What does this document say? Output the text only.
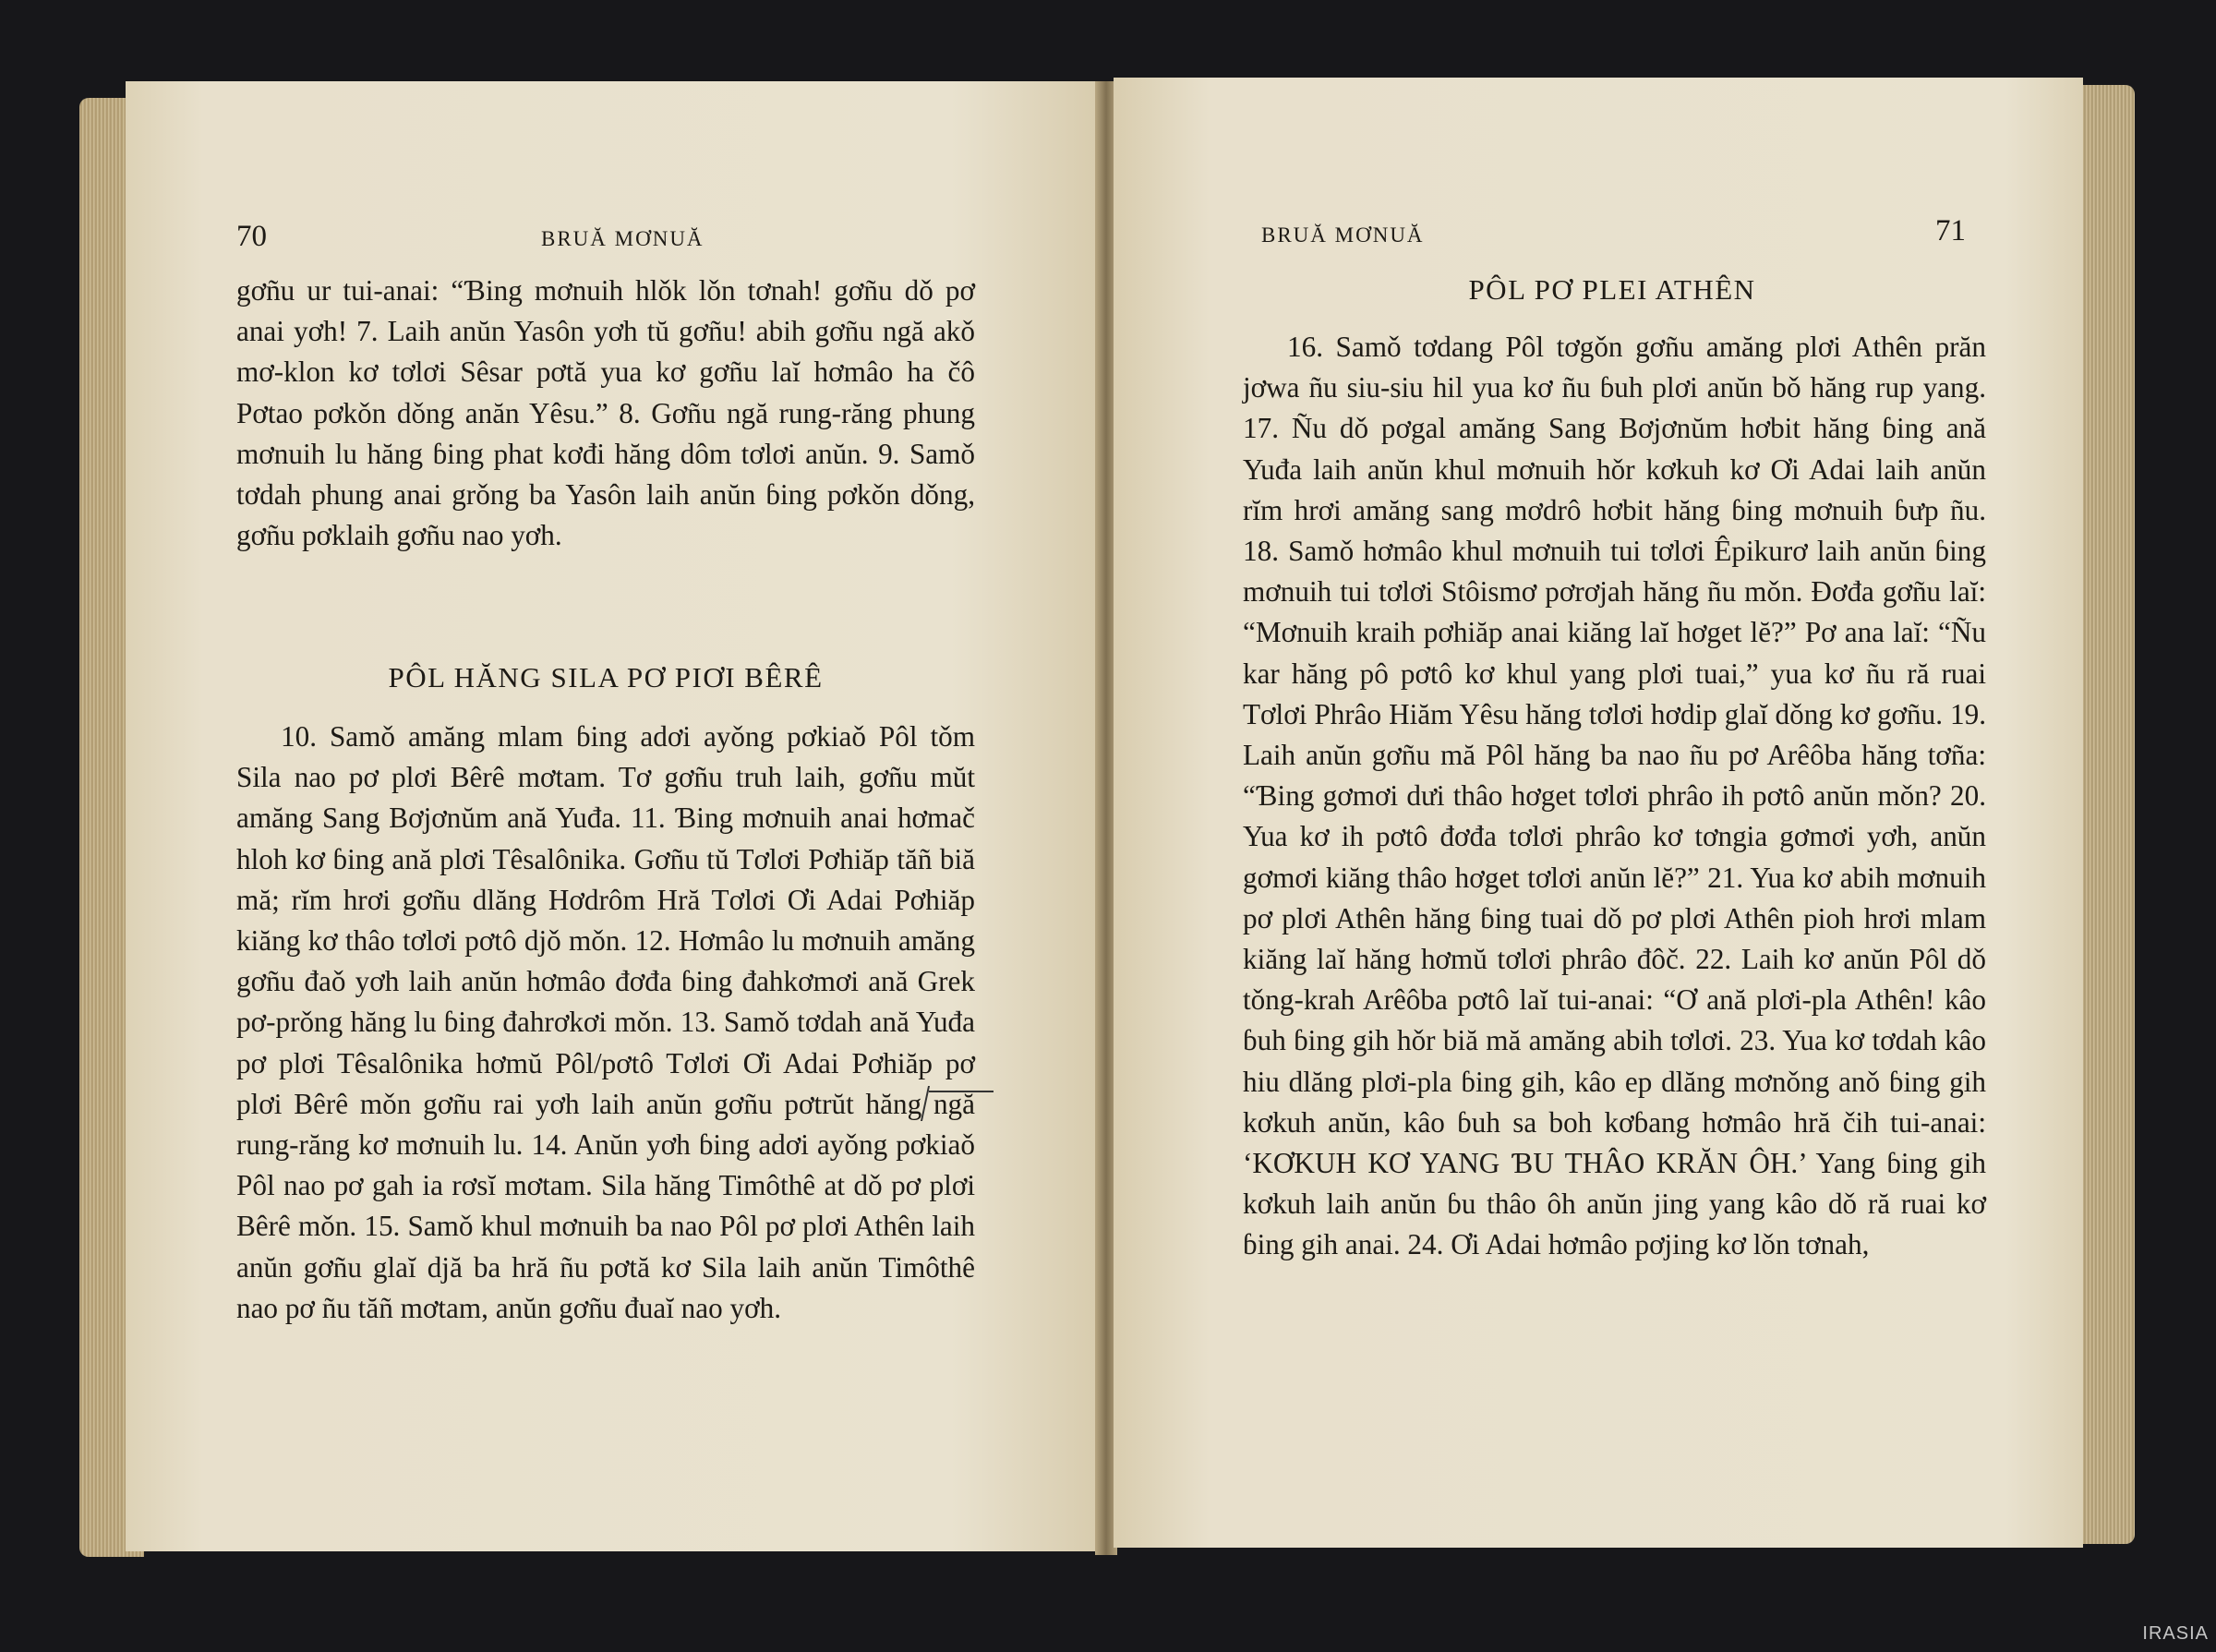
70	BRUĂ MƠNUĂ

gơñu ur tui-anai: “Ɓing mơnuih hlǒk lǒn tơnah! gơñu dǒ pơ anai yơh! 7. Laih anŭn Yasôn yơh tŭ gơñu! abih gơñu ngă akǒ mơ-klon kơ tơlơi Sêsar pơtă yua kơ gơñu laĭ hơmâo ha čô Pơtao pơkǒn dǒng anăn Yêsu.” 8. Gơñu ngă rung-răng phung mơnuih lu hăng ɓing phat kơđi hăng dôm tơlơi anŭn. 9. Samǒ tơdah phung anai grǒng ba Yasôn laih anŭn ɓing pơkǒn dǒng, gơñu pơklaih gơñu nao yơh.

PÔL HĂNG SILA PƠ PIƠI BÊRÊ

10. Samǒ amăng mlam ɓing adơi ayǒng pơkiaǒ Pôl tǒm Sila nao pơ plơi Bêrê mơtam. Tơ gơñu truh laih, gơñu mŭt amăng Sang Bơjơnŭm ană Yuđa. 11. Ɓing mơnuih anai hơmač hloh kơ ɓing ană plơi Têsalônika. Gơñu tŭ Tơlơi Pơhiăp tăñ biă mă; rĭm hrơi gơñu dlăng Hơdrôm Hră Tơlơi Ơi Adai Pơhiăp kiăng kơ thâo tơlơi pơtô djǒ mǒn. 12. Hơmâo lu mơnuih amăng gơñu đaǒ yơh laih anŭn hơmâo đơđa ɓing đahkơmơi ană Grek pơ-prǒng hăng lu ɓing đahrơkơi mǒn. 13. Samǒ tơdah ană Yuđa pơ plơi Têsalônika hơmŭ Pôl/pơtô Tơlơi Ơi Adai Pơhiăp pơ plơi Bêrê mǒn gơñu rai yơh laih anŭn gơñu pơtrŭt hăng ngă rung-răng kơ mơnuih lu. 14. Anŭn yơh ɓing adơi ayǒng pơkiaǒ Pôl nao pơ gah ia rơsĭ mơtam. Sila hăng Timôthê at dǒ pơ plơi Bêrê mǒn. 15. Samǒ khul mơnuih ba nao Pôl pơ plơi Athên laih anŭn gơñu glaĭ djă ba hră ñu pơtă kơ Sila laih anŭn Timôthê nao pơ ñu tăñ mơtam, anŭn gơñu đuaĭ nao yơh.

BRUĂ MƠNUĂ	71
PÔL PƠ PLEI ATHÊN

16. Samǒ tơdang Pôl tơgǒn gơñu amăng plơi Athên prăn jơwa ñu siu-siu hil yua kơ ñu ɓuh plơi anŭn bǒ hăng rup yang. 17. Ñu dǒ pơgal amăng Sang Bơjơnŭm hơbit hăng ɓing ană Yuđa laih anŭn khul mơnuih hǒr kơkuh kơ Ơi Adai laih anŭn rĭm hrơi amăng sang mơdrô hơbit hăng ɓing mơnuih ɓưp ñu. 18. Samǒ hơmâo khul mơnuih tui tơlơi Êpikurơ laih anŭn ɓing mơnuih tui tơlơi Stôismơ pơrơjah hăng ñu mǒn. Đơđa gơñu laĭ: “Mơnuih kraih pơhiăp anai kiăng laĭ hơget lĕ?” Pơ ana laĭ: “Ñu kar hăng pô pơtô kơ khul yang plơi tuai,” yua kơ ñu ră ruai Tơlơi Phrâo Hiăm Yêsu hăng tơlơi hơdip glaĭ dǒng kơ gơñu. 19. Laih anŭn gơñu mă Pôl hăng ba nao ñu pơ Arêôba hăng tơña: “Ɓing gơmơi dưi thâo hơget tơlơi phrâo ih pơtô anŭn mǒn? 20. Yua kơ ih pơtô đơđa tơlơi phrâo kơ tơngia gơmơi yơh, anŭn gơmơi kiăng thâo hơget tơlơi anŭn lĕ?” 21. Yua kơ abih mơnuih pơ plơi Athên hăng ɓing tuai dǒ pơ plơi Athên pioh hrơi mlam kiăng laĭ hăng hơmŭ tơlơi phrâo đôč. 22. Laih kơ anŭn Pôl dǒ tǒng-krah Arêôba pơtô laĭ tui-anai: “Ơ ană plơi-pla Athên! kâo ɓuh ɓing gih hǒr biă mă amăng abih tơlơi. 23. Yua kơ tơdah kâo hiu dlăng plơi-pla ɓing gih, kâo ep dlăng mơnǒng anǒ ɓing gih kơkuh anŭn, kâo ɓuh sa boh kơɓang hơmâo hră čih tui-anai: ‘KƠKUH KƠ YANG ƁU THÂO KRĂN ÔH.’ Yang ɓing gih kơkuh laih anŭn ɓu thâo ôh anŭn jing yang kâo dǒ ră ruai kơ ɓing gih anai. 24. Ơi Adai hơmâo pơjing kơ lǒn tơnah,

IRASIA
